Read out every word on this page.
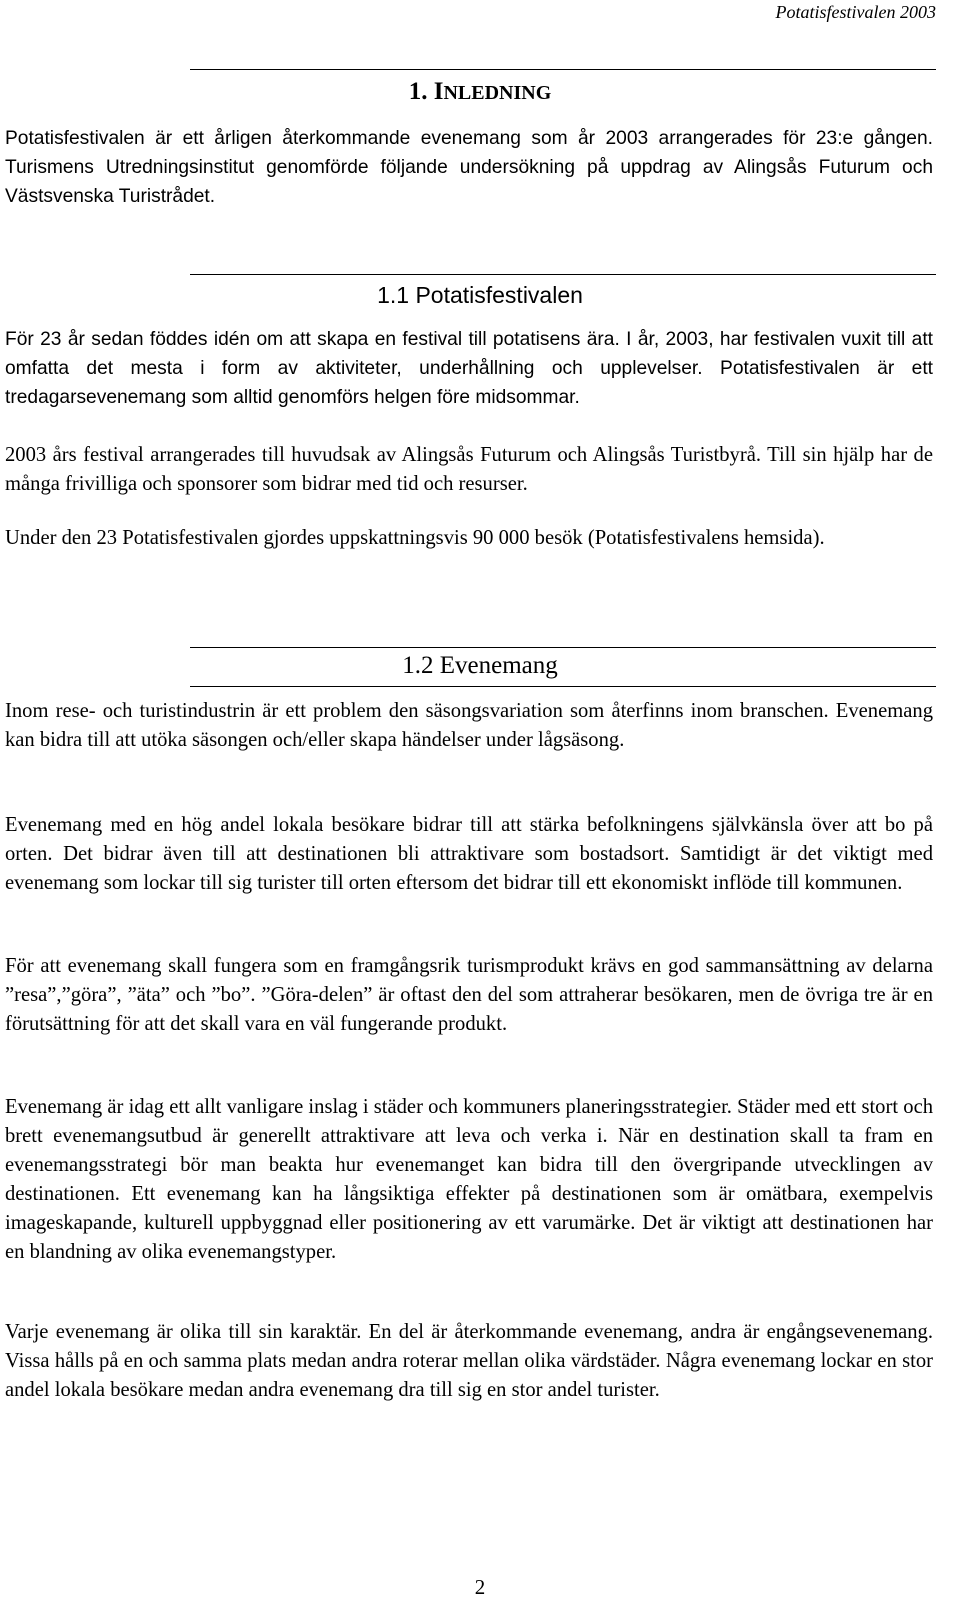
Potatisfestivalen 2003
1. INLEDNING

Potatisfestivalen är ett årligen återkommande evenemang som år 2003 arrangerades för 23:e gången. Turismens Utredningsinstitut genomförde följande undersökning på uppdrag av Alingsås Futurum och Västsvenska Turistrådet.

1.1 Potatisfestivalen

För 23 år sedan föddes idén om att skapa en festival till potatisens ära. I år, 2003, har festivalen vuxit till att omfatta det mesta i form av aktiviteter, underhållning och upplevelser. Potatisfestivalen är ett tredagarsevenemang som alltid genomförs helgen före midsommar.

2003 års festival arrangerades till huvudsak av Alingsås Futurum och Alingsås Turistbyrå. Till sin hjälp har de många frivilliga och sponsorer som bidrar med tid och resurser.

Under den 23 Potatisfestivalen gjordes uppskattningsvis 90 000 besök (Potatisfestivalens hemsida).

1.2 Evenemang

Inom rese- och turistindustrin är ett problem den säsongsvariation som återfinns inom branschen. Evenemang kan bidra till att utöka säsongen och/eller skapa händelser under lågsäsong.

Evenemang med en hög andel lokala besökare bidrar till att stärka befolkningens självkänsla över att bo på orten. Det bidrar även till att destinationen bli attraktivare som bostadsort. Samtidigt är det viktigt med evenemang som lockar till sig turister till orten eftersom det bidrar till ett ekonomiskt inflöde till kommunen.

För att evenemang skall fungera som en framgångsrik turismprodukt krävs en god sammansättning av delarna ”resa”,”göra”, ”äta” och ”bo”. ”Göra-delen” är oftast den del som attraherar besökaren, men de övriga tre är en förutsättning för att det skall vara en väl fungerande produkt.

Evenemang är idag ett allt vanligare inslag i städer och kommuners planeringsstrategier. Städer med ett stort och brett evenemangsutbud är generellt attraktivare att leva och verka i. När en destination skall ta fram en evenemangsstrategi bör man beakta hur evenemanget kan bidra till den övergripande utvecklingen av destinationen. Ett evenemang kan ha långsiktiga effekter på destinationen som är omätbara, exempelvis imageskapande, kulturell uppbyggnad eller positionering av ett varumärke. Det är viktigt att destinationen har en blandning av olika evenemangstyper.

Varje evenemang är olika till sin karaktär. En del är återkommande evenemang, andra är engångsevenemang. Vissa hålls på en och samma plats medan andra roterar mellan olika värdstäder. Några evenemang lockar en stor andel lokala besökare medan andra evenemang dra till sig en stor andel turister.

2
